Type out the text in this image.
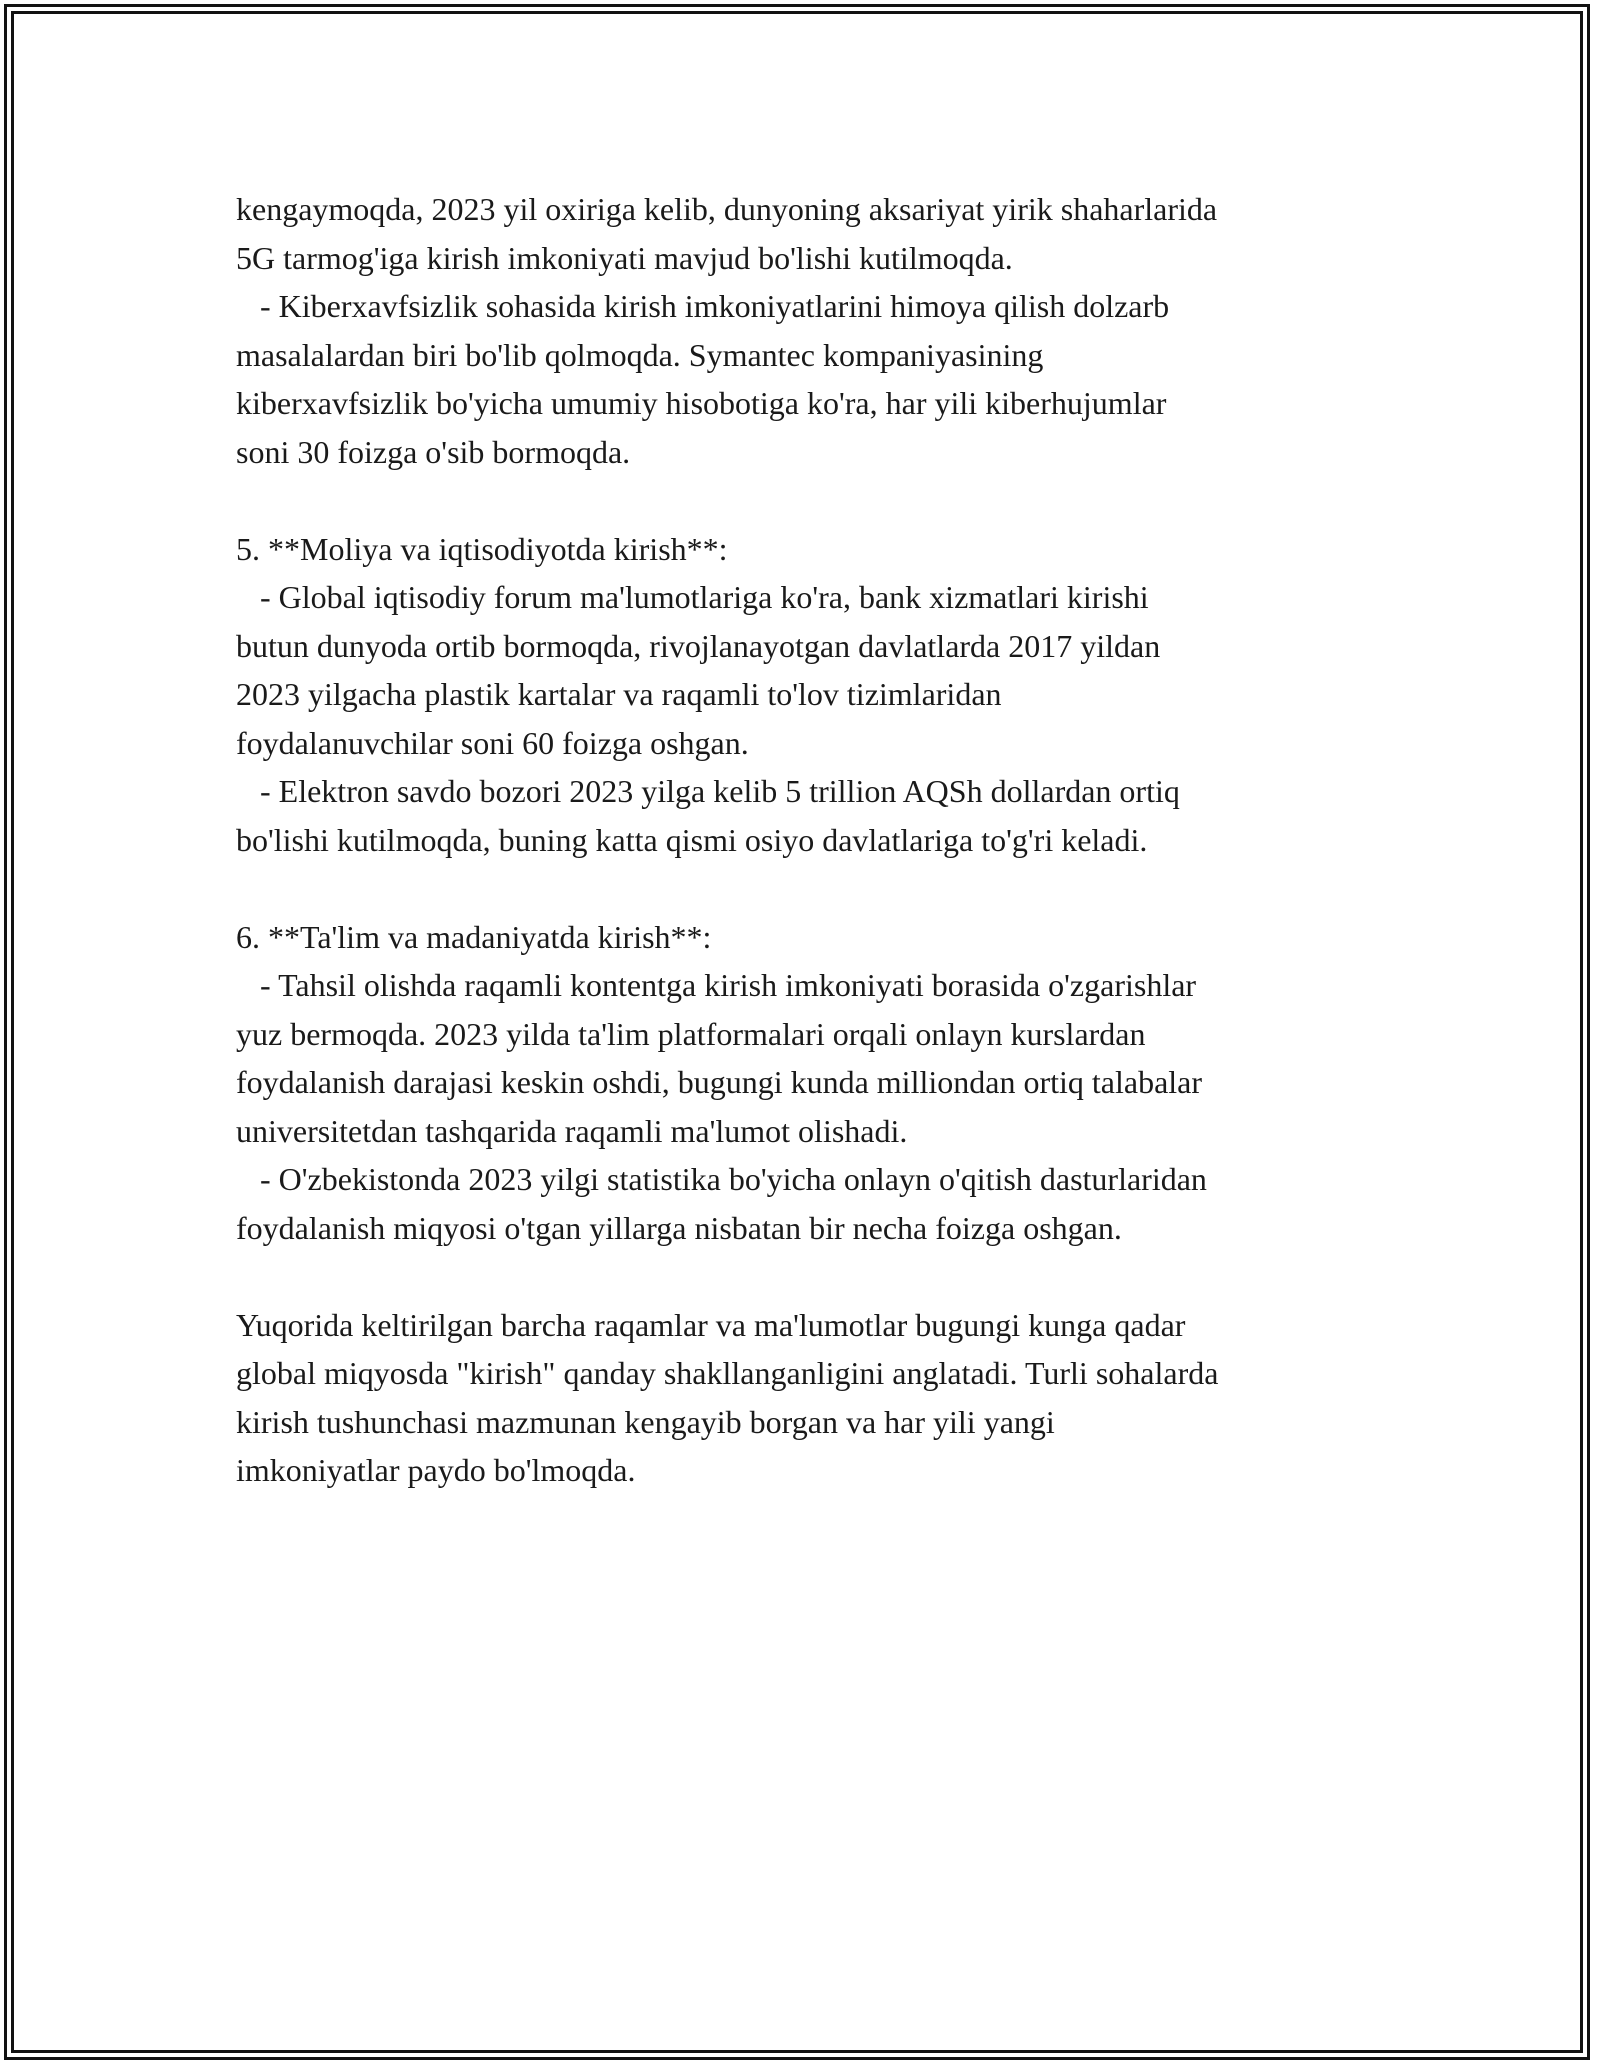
kengaymoqda, 2023 yil oxiriga kelib, dunyoning aksariyat yirik shaharlarida
5G tarmog'iga kirish imkoniyati mavjud bo'lishi kutilmoqda.
- Kiberxavfsizlik sohasida kirish imkoniyatlarini himoya qilish dolzarb
masalalardan biri bo'lib qolmoqda. Symantec kompaniyasining
kiberxavfsizlik bo'yicha umumiy hisobotiga ko'ra, har yili kiberhujumlar
soni 30 foizga o'sib bormoqda.
5. **Moliya va iqtisodiyotda kirish**:
- Global iqtisodiy forum ma'lumotlariga ko'ra, bank xizmatlari kirishi
butun dunyoda ortib bormoqda, rivojlanayotgan davlatlarda 2017 yildan
2023 yilgacha plastik kartalar va raqamli to'lov tizimlaridan
foydalanuvchilar soni 60 foizga oshgan.
- Elektron savdo bozori 2023 yilga kelib 5 trillion AQSh dollardan ortiq
bo'lishi kutilmoqda, buning katta qismi osiyo davlatlariga to'g'ri keladi.
6. **Ta'lim va madaniyatda kirish**:
- Tahsil olishda raqamli kontentga kirish imkoniyati borasida o'zgarishlar
yuz bermoqda. 2023 yilda ta'lim platformalari orqali onlayn kurslardan
foydalanish darajasi keskin oshdi, bugungi kunda milliondan ortiq talabalar
universitetdan tashqarida raqamli ma'lumot olishadi.
- O'zbekistonda 2023 yilgi statistika bo'yicha onlayn o'qitish dasturlaridan
foydalanish miqyosi o'tgan yillarga nisbatan bir necha foizga oshgan.
Yuqorida keltirilgan barcha raqamlar va ma'lumotlar bugungi kunga qadar
global miqyosda "kirish" qanday shakllanganligini anglatadi. Turli sohalarda
kirish tushunchasi mazmunan kengayib borgan va har yili yangi
imkoniyatlar paydo bo'lmoqda.
